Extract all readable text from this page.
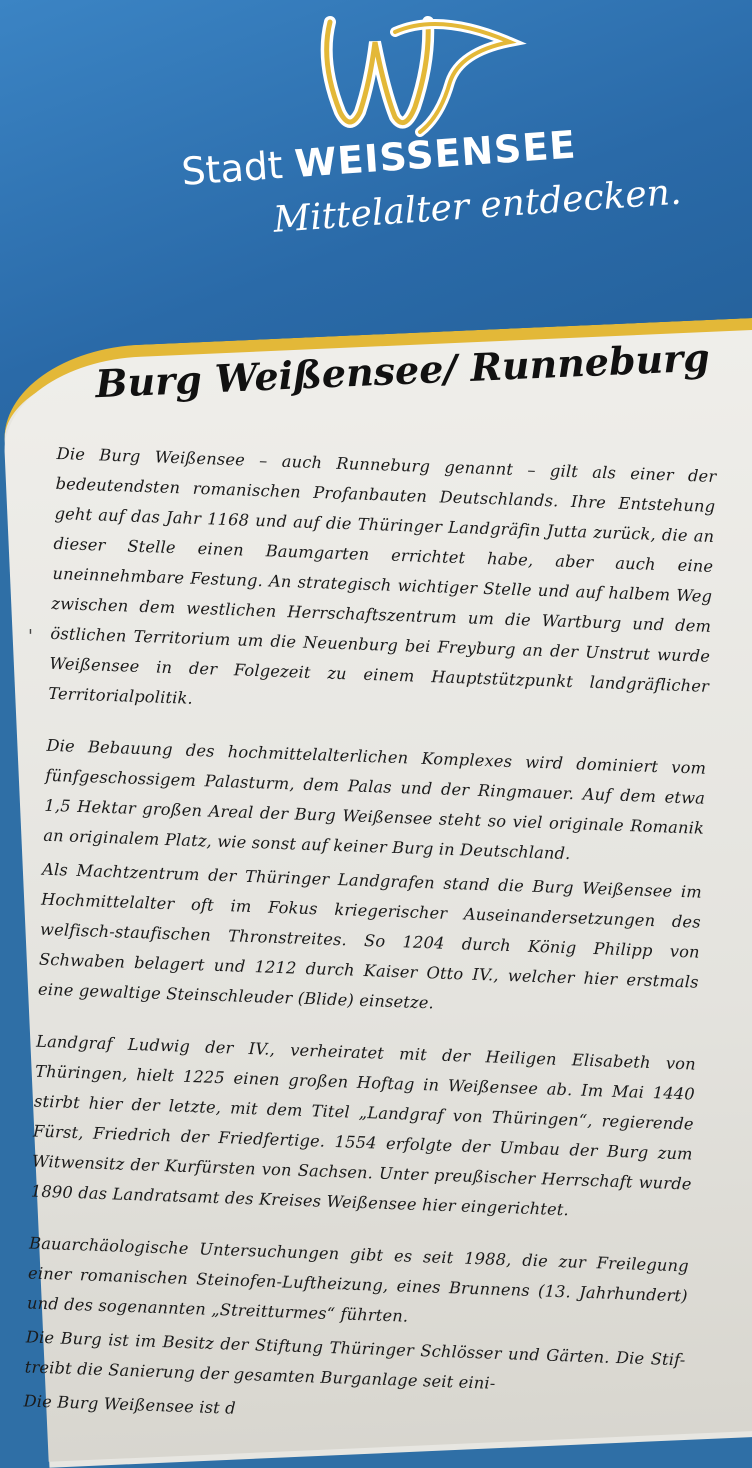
Stadt WEISSENSEE
Mittelalter entdecken.
Burg Weißensee/ Runneburg

Die Burg Weißensee – auch Runneburg genannt – gilt als einer der bedeutendsten romanischen Profanbauten Deutschlands. Ihre Entstehung geht auf das Jahr 1168 und auf die Thüringer Landgräfin Jutta zurück, die an dieser Stelle einen Baumgarten errichtet habe, aber auch eine uneinnehmbare Festung. An strategisch wichtiger Stelle und auf halbem Weg zwischen dem westlichen Herrschaftszentrum um die Wartburg und dem östlichen Territorium um die Neuenburg bei Freyburg an der Unstrut wurde Weißensee in der Folgezeit zu einem Hauptstützpunkt landgräflicher Territorialpolitik.

Die Bebauung des hochmittelalterlichen Komplexes wird dominiert vom fünfgeschossigem Palasturm, dem Palas und der Ringmauer. Auf dem etwa 1,5 Hektar großen Areal der Burg Weißensee steht so viel originale Romanik an originalem Platz, wie sonst auf keiner Burg in Deutschland.

Als Machtzentrum der Thüringer Landgrafen stand die Burg Weißensee im Hochmittelalter oft im Fokus kriegerischer Auseinandersetzungen des welfisch-staufischen Thronstreites. So 1204 durch König Philipp von Schwaben belagert und 1212 durch Kaiser Otto IV., welcher hier erstmals eine gewaltige Steinschleuder (Blide) einsetze.

Landgraf Ludwig der IV., verheiratet mit der Heiligen Elisabeth von Thüringen, hielt 1225 einen großen Hoftag in Weißensee ab. Im Mai 1440 stirbt hier der letzte, mit dem Titel „Landgraf von Thüringen“, regierende Fürst, Friedrich der Friedfertige. 1554 erfolgte der Umbau der Burg zum Witwensitz der Kurfürsten von Sachsen. Unter preußischer Herrschaft wurde 1890 das Landratsamt des Kreises Weißensee hier eingerichtet.

Bauarchäologische Untersuchungen gibt es seit 1988, die zur Freilegung einer romanischen Steinofen-Luftheizung, eines Brunnens (13. Jahrhundert) und des sogenannten „Streitturmes“ führten.

Die Burg ist im Besitz der Stiftung Thüringer Schlösser und Gärten. Die Stif-treibt die Sanierung der gesamten Burganlage seit eini-

Die Burg Weißensee ist d

ꞌ
